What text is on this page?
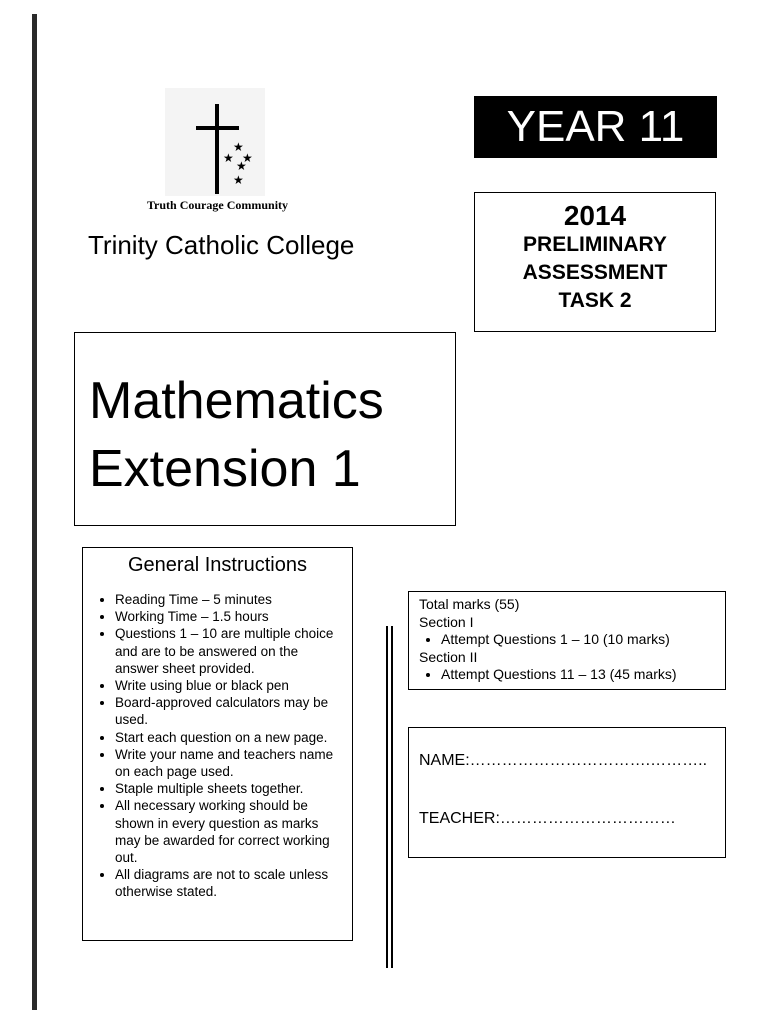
★
★ ★
★
★
Truth Courage Community
Trinity Catholic College
YEAR 11
2014
PRELIMINARY
ASSESSMENT
TASK 2
Mathematics
Extension 1
General Instructions
• Reading Time – 5 minutes
• Working Time – 1.5 hours
• Questions 1 – 10 are multiple choice and are to be answered on the answer sheet provided.
• Write using blue or black pen
• Board-approved calculators may be used.
• Start each question on a new page.
• Write your name and teachers name on each page used.
• Staple multiple sheets together.
• All necessary working should be shown in every question as marks may be awarded for correct working out.
• All diagrams are not to scale unless otherwise stated.
Total marks (55)
Section I
• Attempt Questions 1 – 10 (10 marks)
Section II
• Attempt Questions 11 – 13 (45 marks)
NAME:…………………………….………..
TEACHER:……………………………
